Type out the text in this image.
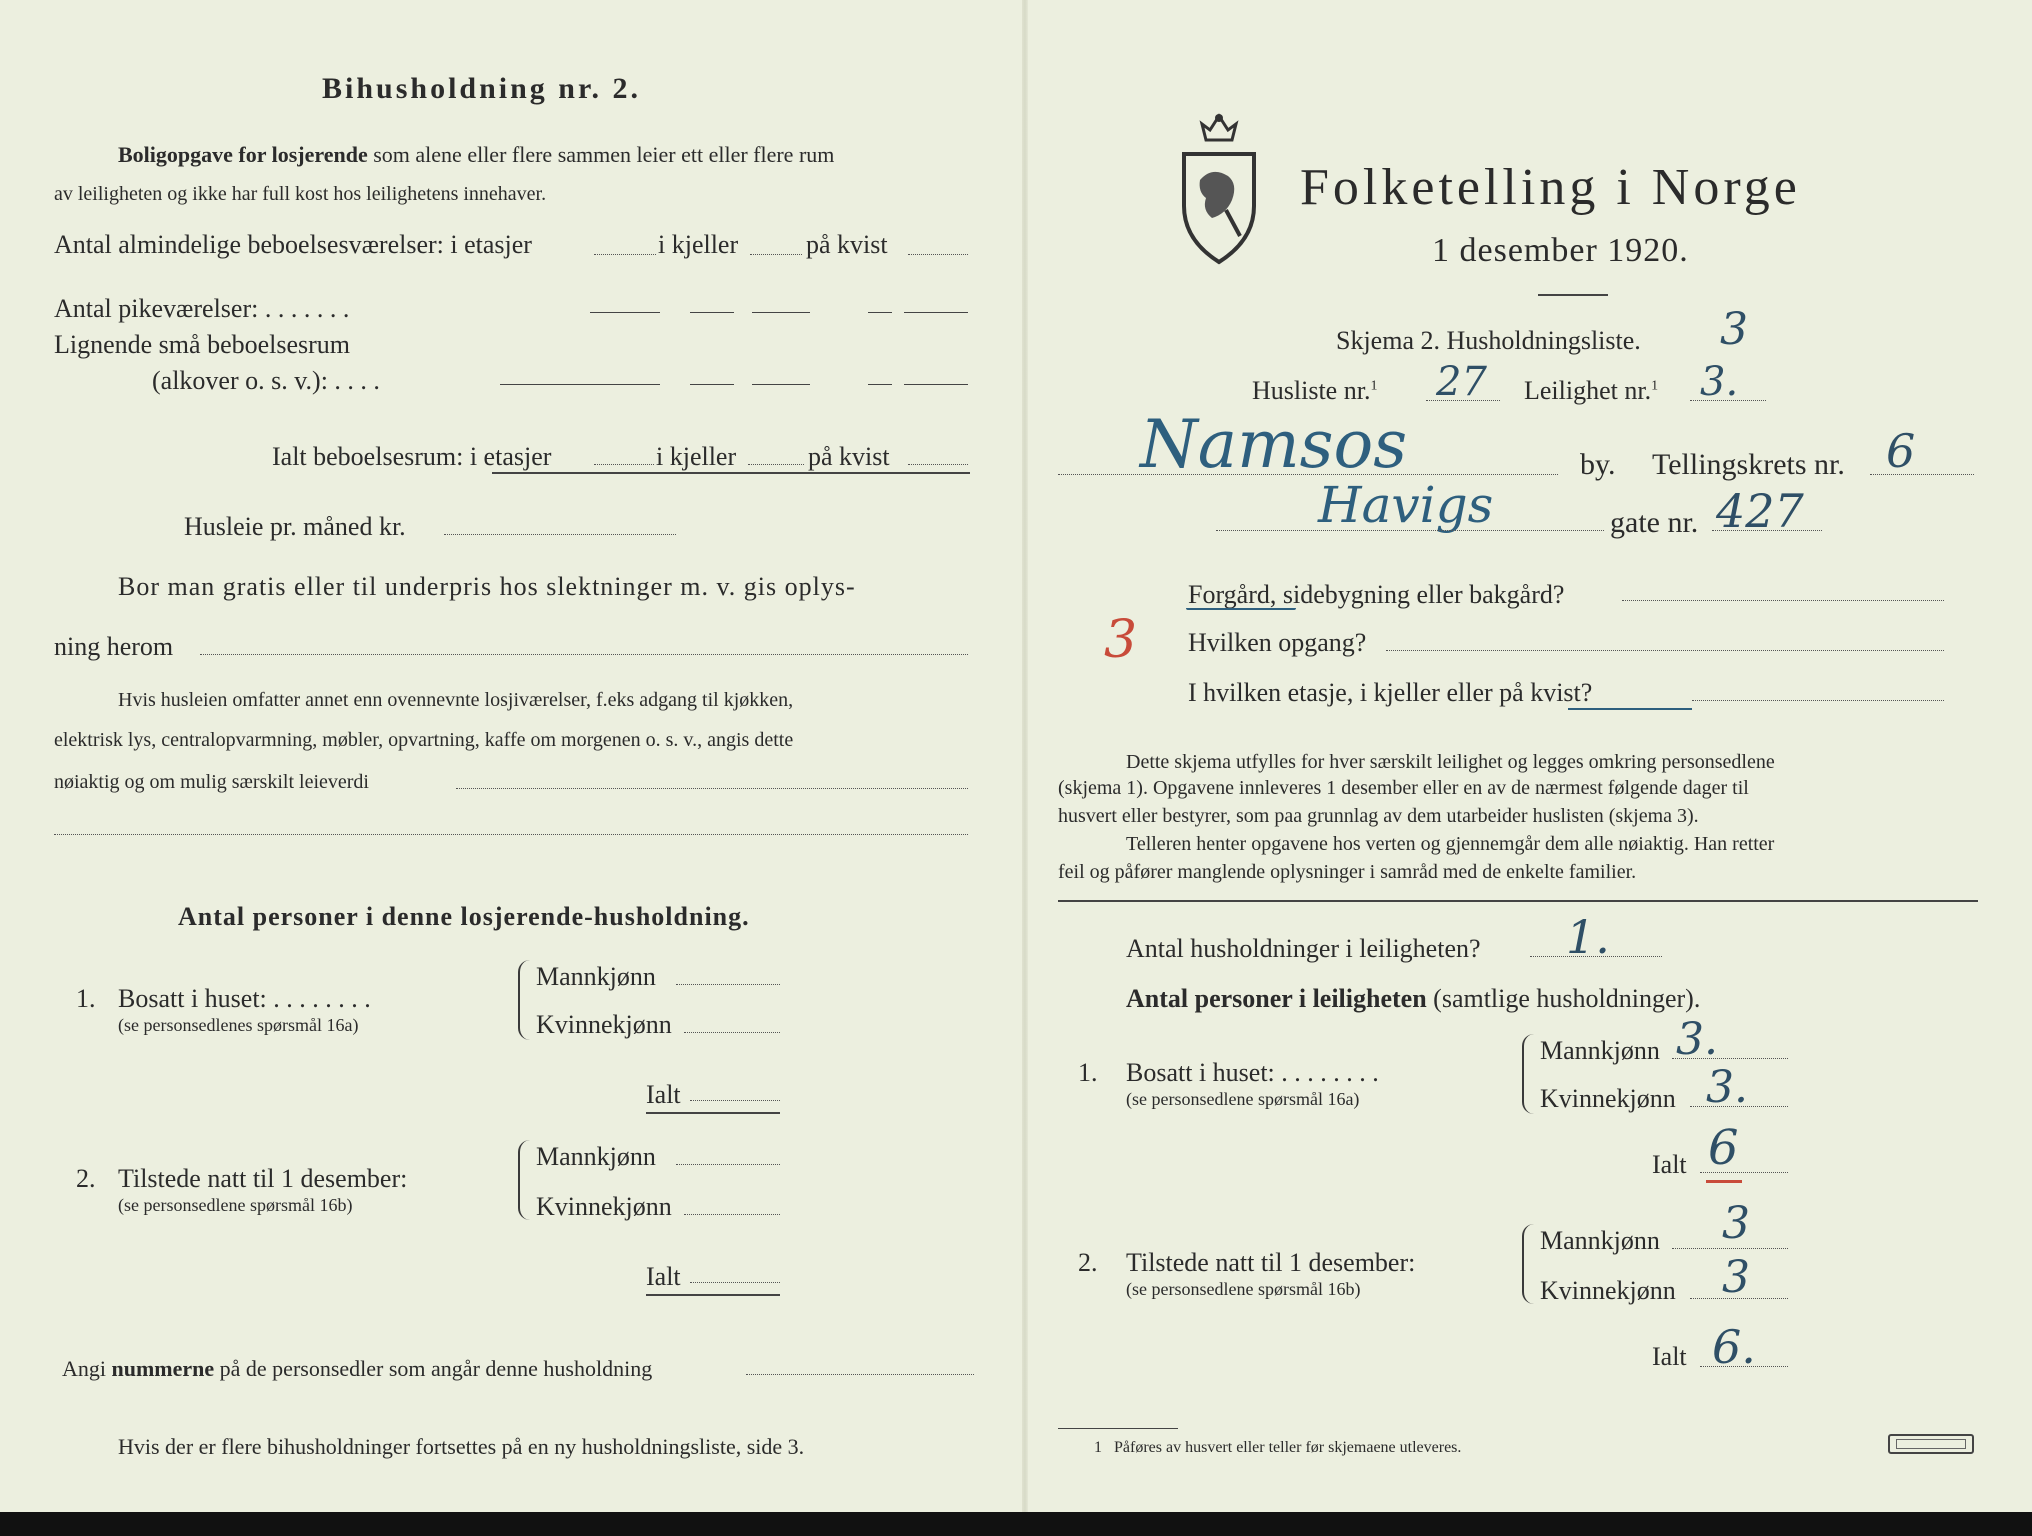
Bihusholdning nr. 2.
Boligopgave for losjerende som alene eller flere sammen leier ett eller flere rum
av leiligheten og ikke har full kost hos leilighetens innehaver.
Antal almindelige beboelsesværelser: i etasjer	i kjeller	på kvist
Antal pikeværelser: . . . . . . .
Lignende små beboelsesrum
(alkover o. s. v.): . . . .
Ialt beboelsesrum: i etasjer	i kjeller	på kvist
Husleie pr. måned kr.
Bor man gratis eller til underpris hos slektninger m. v. gis oplys-
ning herom
Hvis husleien omfatter annet enn ovennevnte losjiværelser, f.eks adgang til kjøkken,
elektrisk lys, centralopvarmning, møbler, opvartning, kaffe om morgenen o. s. v., angis dette
nøiaktig og om mulig særskilt leieverdi
Antal personer i denne losjerende-husholdning.
1. Bosatt i huset: . . . . . . . .
(se personsedlenes spørsmål 16a)
Mannkjønn
Kvinnekjønn
Ialt
2. Tilstede natt til 1 desember:
(se personsedlene spørsmål 16b)
Mannkjønn
Kvinnekjønn
Ialt
Angi nummerne på de personsedler som angår denne husholdning
Hvis der er flere bihusholdninger fortsettes på en ny husholdningsliste, side 3.
Folketelling i Norge
1 desember 1920.
Skjema 2. Husholdningsliste. 3
Husliste nr.$^1$ 27 Leilighet nr.$^1$ 3.
Namsos	by. Tellingskrets nr. 6
Havigs	gate nr. 427
Forgård, sidebygning eller bakgård?
3 Hvilken opgang?
I hvilken etasje, i kjeller eller på kvist?
Dette skjema utfylles for hver særskilt leilighet og legges omkring personsedlene
(skjema 1). Opgavene innleveres 1 desember eller en av de nærmest følgende dager til
husvert eller bestyrer, som paa grunnlag av dem utarbeider huslisten (skjema 3).
Telleren henter opgavene hos verten og gjennemgår dem alle nøiaktig. Han retter
feil og påfører manglende oplysninger i samråd med de enkelte familier.
Antal husholdninger i leiligheten? 1.
Antal personer i leiligheten (samtlige husholdninger).
1. Bosatt i huset: . . . . . . . .
(se personsedlene spørsmål 16a)
Mannkjønn 3.
Kvinnekjønn 3.
Ialt 6
2. Tilstede natt til 1 desember:
(se personsedlene spørsmål 16b)
Mannkjønn 3
Kvinnekjønn 3
Ialt 6.
1 Påføres av husvert eller teller før skjemaene utleveres.
